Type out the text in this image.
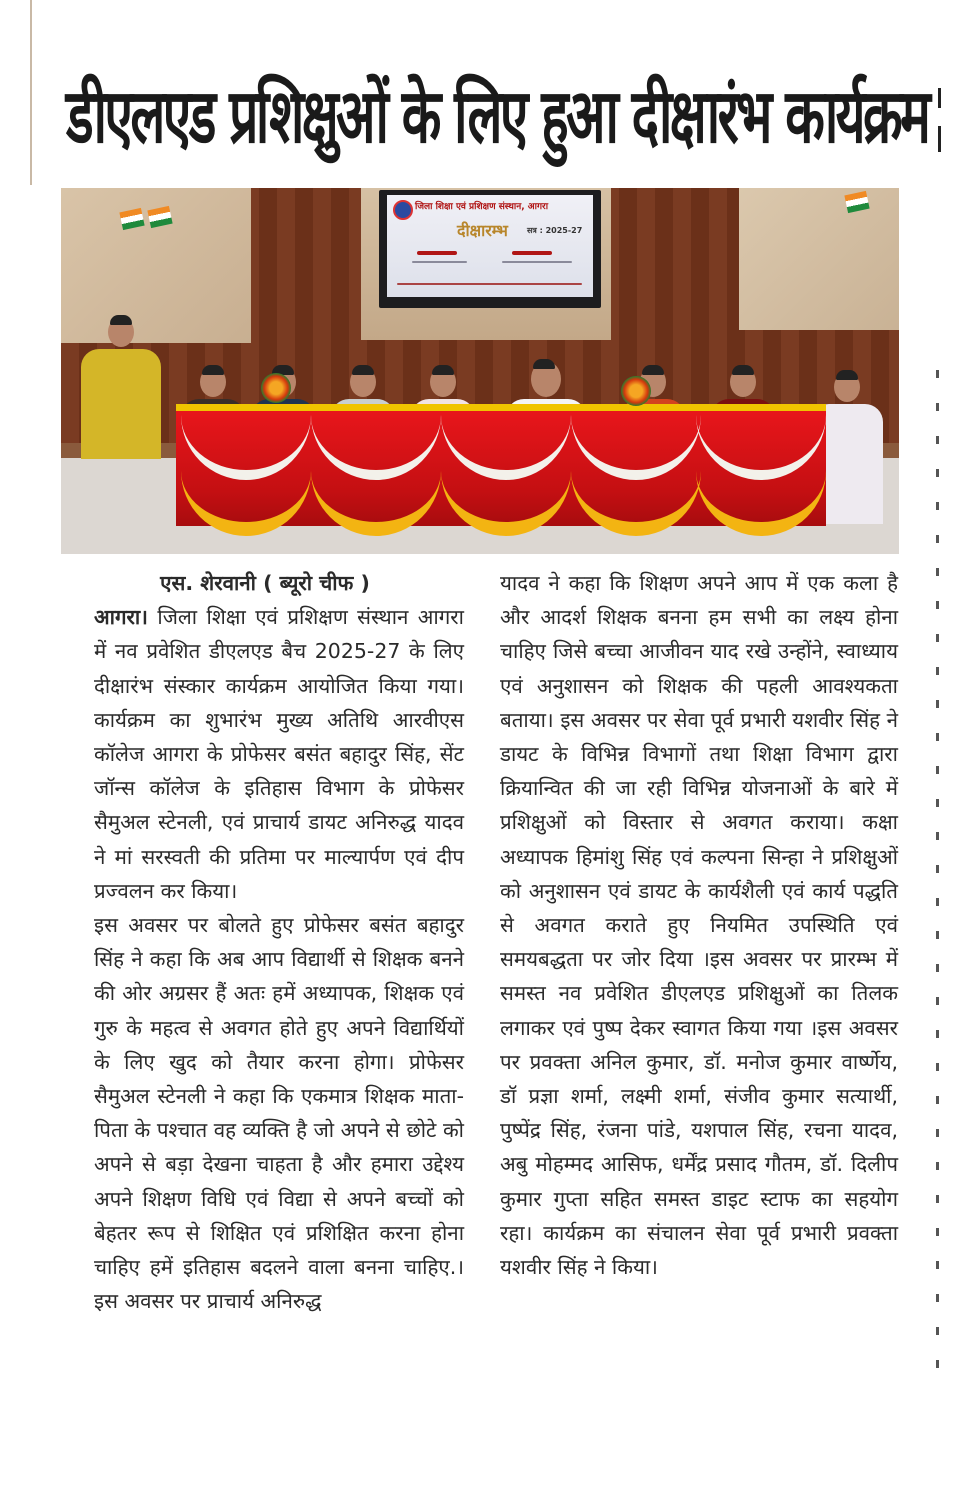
डीएलएड प्रशिक्षुओं के लिए हुआ दीक्षारंभ कार्यक्रम
जिला शिक्षा एवं प्रशिक्षण संस्थान, आगरा
दीक्षारम्भ सत्र : 2025-27

एस. शेरवानी ( ब्यूरो चीफ )

आगरा। जिला शिक्षा एवं प्रशिक्षण संस्थान आगरा में नव प्रवेशित डीएलएड बैच 2025-27 के लिए दीक्षारंभ संस्कार कार्यक्रम आयोजित किया गया। कार्यक्रम का शुभारंभ मुख्य अतिथि आरवीएस कॉलेज आगरा के प्रोफेसर बसंत बहादुर सिंह, सेंट जॉन्स कॉलेज के इतिहास विभाग के प्रोफेसर सैमुअल स्टेनली, एवं प्राचार्य डायट अनिरुद्ध यादव ने मां सरस्वती की प्रतिमा पर माल्यार्पण एवं दीप प्रज्वलन कर किया।

इस अवसर पर बोलते हुए प्रोफेसर बसंत बहादुर सिंह ने कहा कि अब आप विद्यार्थी से शिक्षक बनने की ओर अग्रसर हैं अतः हमें अध्यापक, शिक्षक एवं गुरु के महत्व से अवगत होते हुए अपने विद्यार्थियों के लिए खुद को तैयार करना होगा। प्रोफेसर सैमुअल स्टेनली ने कहा कि एकमात्र शिक्षक माता-पिता के पश्चात वह व्यक्ति है जो अपने से छोटे को अपने से बड़ा देखना चाहता है और हमारा उद्देश्य अपने शिक्षण विधि एवं विद्या से अपने बच्चों को बेहतर रूप से शिक्षित एवं प्रशिक्षित करना होना चाहिए हमें इतिहास बदलने वाला बनना चाहिए.। इस अवसर पर प्राचार्य अनिरुद्ध

यादव ने कहा कि शिक्षण अपने आप में एक कला है और आदर्श शिक्षक बनना हम सभी का लक्ष्य होना चाहिए जिसे बच्चा आजीवन याद रखे उन्होंने, स्वाध्याय एवं अनुशासन को शिक्षक की पहली आवश्यकता बताया। इस अवसर पर सेवा पूर्व प्रभारी यशवीर सिंह ने डायट के विभिन्न विभागों तथा शिक्षा विभाग द्वारा क्रियान्वित की जा रही विभिन्न योजनाओं के बारे में प्रशिक्षुओं को विस्तार से अवगत कराया। कक्षा अध्यापक हिमांशु सिंह एवं कल्पना सिन्हा ने प्रशिक्षुओं को अनुशासन एवं डायट के कार्यशैली एवं कार्य पद्धति से अवगत कराते हुए नियमित उपस्थिति एवं समयबद्धता पर जोर दिया ।इस अवसर पर प्रारम्भ में समस्त नव प्रवेशित डीएलएड प्रशिक्षुओं का तिलक लगाकर एवं पुष्प देकर स्वागत किया गया ।इस अवसर पर प्रवक्ता अनिल कुमार, डॉ. मनोज कुमार वार्ष्णेय, डॉ प्रज्ञा शर्मा, लक्ष्मी शर्मा, संजीव कुमार सत्यार्थी, पुष्पेंद्र सिंह, रंजना पांडे, यशपाल सिंह, रचना यादव, अबु मोहम्मद आसिफ, धर्मेंद्र प्रसाद गौतम, डॉ. दिलीप कुमार गुप्ता सहित समस्त डाइट स्टाफ का सहयोग रहा। कार्यक्रम का संचालन सेवा पूर्व प्रभारी प्रवक्ता यशवीर सिंह ने किया।
